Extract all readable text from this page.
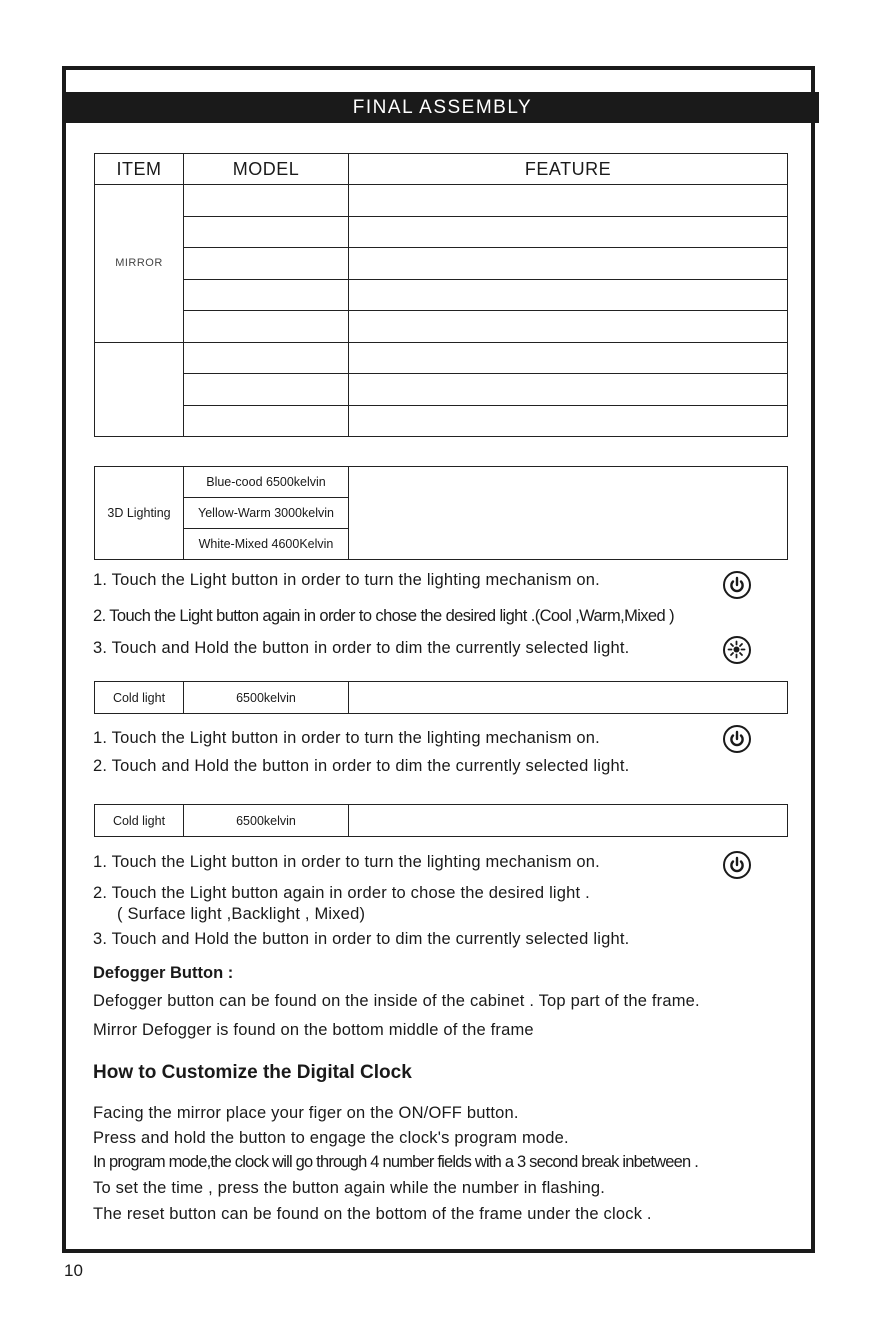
FINAL ASSEMBLY
ITEM	MODEL	FEATURE
MIRROR		

3D Lighting	Blue-cood 6500kelvin	
Yellow-Warm 3000kelvin
White-Mixed 4600Kelvin
1. Touch the Light button in order to turn the lighting mechanism on.
2. Touch the Light button again in order to chose the desired light .(Cool ,Warm,Mixed )
3. Touch and Hold the button in order to dim the currently selected light.
Cold light	6500kelvin	
1. Touch the Light button in order to turn the lighting mechanism on.
2. Touch and Hold the button in order to dim the currently selected light.
Cold light	6500kelvin	
1. Touch the Light button in order to turn the lighting mechanism on.
2. Touch the Light button again in order to chose the desired light .
( Surface light ,Backlight , Mixed)
3. Touch and Hold the button in order to dim the currently selected light.
Defogger Button :
Defogger button can be found on the inside of the cabinet . Top part of the frame.
Mirror Defogger is found on the bottom middle of the frame
How to Customize the Digital Clock
Facing the mirror place your figer on the ON/OFF button.
Press and hold the button to engage the clock's program mode.
In program mode,the clock will go through 4 number fields with a 3 second break inbetween .
To set the time , press the button again while the number in flashing.
The reset button can be found on the bottom of the frame under the clock .
10
